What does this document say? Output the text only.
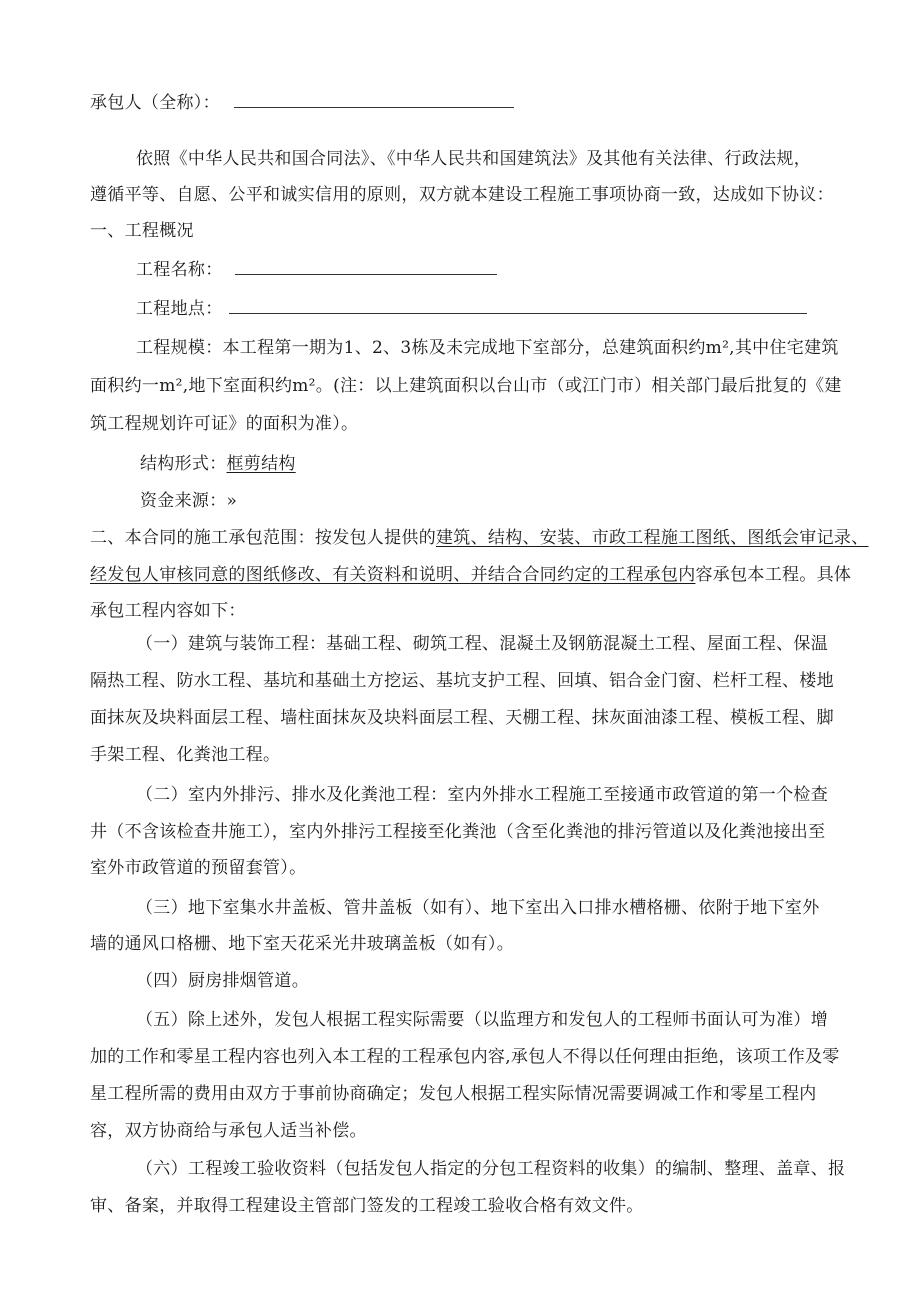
承包人（全称）：
依照《中华人民共和国合同法》、《中华人民共和国建筑法》及其他有关法律、行政法规，
遵循平等、自愿、公平和诚实信用的原则，双方就本建设工程施工事项协商一致，达成如下协议：
一、工程概况
工程名称：
工程地点：
工程规模：本工程第一期为1、2、3栋及未完成地下室部分，总建筑面积约m²,其中住宅建筑
面积约一m²,地下室面积约m²。(注：以上建筑面积以台山市（或江门市）相关部门最后批复的《建
筑工程规划许可证》的面积为准）。
结构形式：框剪结构
资金来源：»
二、本合同的施工承包范围：按发包人提供的建筑、结构、安装、市政工程施工图纸、图纸会审记录、
经发包人审核同意的图纸修改、有关资料和说明、并结合合同约定的工程承包内容承包本工程。具体
承包工程内容如下：
（一）建筑与装饰工程：基础工程、砌筑工程、混凝土及钢筋混凝土工程、屋面工程、保温
隔热工程、防水工程、基坑和基础土方挖运、基坑支护工程、回填、铝合金门窗、栏杆工程、楼地
面抹灰及块料面层工程、墙柱面抹灰及块料面层工程、天棚工程、抹灰面油漆工程、模板工程、脚
手架工程、化粪池工程。
（二）室内外排污、排水及化粪池工程：室内外排水工程施工至接通市政管道的第一个检查
井（不含该检查井施工），室内外排污工程接至化粪池（含至化粪池的排污管道以及化粪池接出至
室外市政管道的预留套管）。
（三）地下室集水井盖板、管井盖板（如有）、地下室出入口排水槽格栅、依附于地下室外
墙的通风口格栅、地下室天花采光井玻璃盖板（如有）。
（四）厨房排烟管道。
（五）除上述外，发包人根据工程实际需要（以监理方和发包人的工程师书面认可为准）增
加的工作和零星工程内容也列入本工程的工程承包内容,承包人不得以任何理由拒绝，该项工作及零
星工程所需的费用由双方于事前协商确定；发包人根据工程实际情况需要调减工作和零星工程内
容，双方协商给与承包人适当补偿。
（六）工程竣工验收资料（包括发包人指定的分包工程资料的收集）的编制、整理、盖章、报
审、备案，并取得工程建设主管部门签发的工程竣工验收合格有效文件。
